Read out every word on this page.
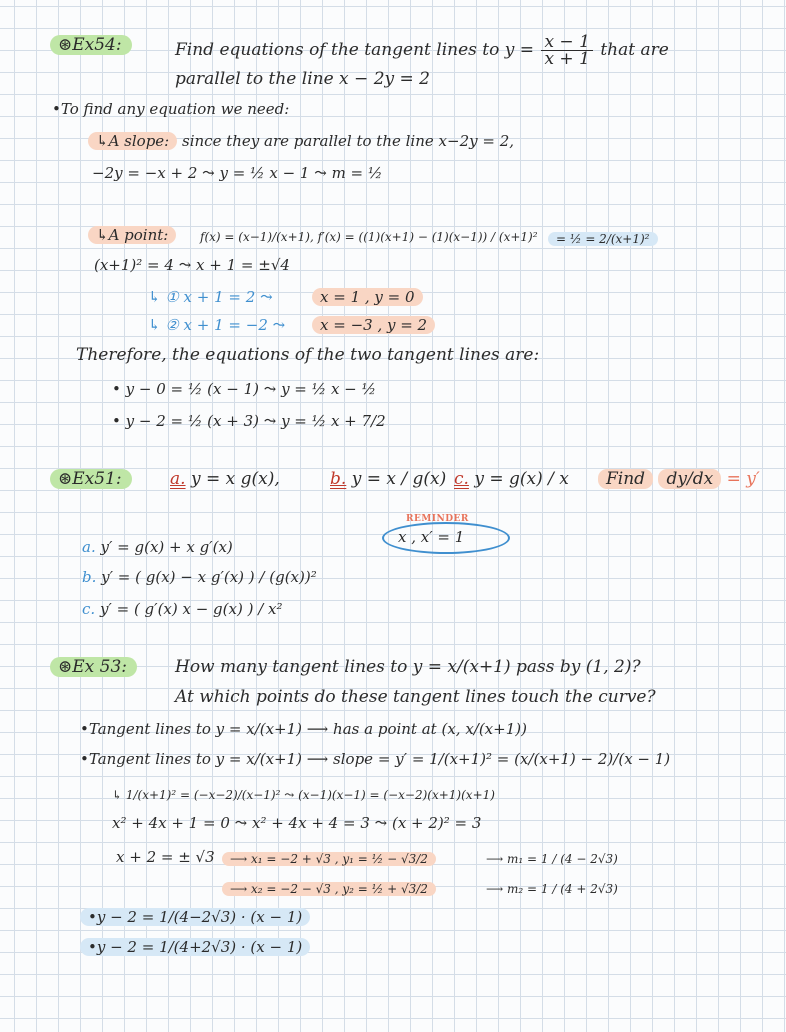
⊛Ex54:	Find equations of the tangent lines to $y = \frac{x - 1}{x + 1}$ that are
parallel to the line x − 2y = 2
•To find any equation we need:
↳A slope: since they are parallel to the line x−2y = 2,
−2y = −x + 2 ⤳ y = ½ x − 1 ⤳ m = ½
↳A point:	f(x) = (x−1)/(x+1), f′(x) = ((1)(x+1) − (1)(x−1)) / (x+1)²	= ½ = 2/(x+1)²
(x+1)² = 4 ⤳ x + 1 = ±√4
↳ ① x + 1 = 2 ⤳	x = 1 , y = 0
↳ ② x + 1 = −2 ⤳	x = −3 , y = 2
Therefore, the equations of the two tangent lines are:
• y − 0 = ½ (x − 1) ⤳ y = ½ x − ½
• y − 2 = ½ (x + 3) ⤳ y = ½ x + 7/2
⊛Ex51:	a. y = x g(x),	b. y = x / g(x) c. y = g(x) / x	Find dy/dx = y′
REMINDER
x , x′ = 1
a. y′ = g(x) + x g′(x)
b. y′ = ( g(x) − x g′(x) ) / (g(x))²
c. y′ = ( g′(x) x − g(x) ) / x²
⊛Ex 53:	How many tangent lines to y = x/(x+1) pass by (1, 2)?
At which points do these tangent lines touch the curve?
•Tangent lines to y = x/(x+1) ⟶ has a point at (x, x/(x+1))
•Tangent lines to y = x/(x+1) ⟶ slope = y′ = 1/(x+1)² = (x/(x+1) − 2)/(x − 1)
↳ 1/(x+1)² = (−x−2)/(x−1)² ⤳ (x−1)(x−1) = (−x−2)(x+1)(x+1)
x² + 4x + 1 = 0 ⤳ x² + 4x + 4 = 3 ⤳ (x + 2)² = 3
x + 2 = ± √3	⟶ x₁ = −2 + √3 , y₁ = ½ − √3/2	⟶ m₁ = 1 / (4 − 2√3)
⟶ x₂ = −2 − √3 , y₂ = ½ + √3/2	⟶ m₂ = 1 / (4 + 2√3)
•y − 2 = 1/(4−2√3) · (x − 1)
•y − 2 = 1/(4+2√3) · (x − 1)
